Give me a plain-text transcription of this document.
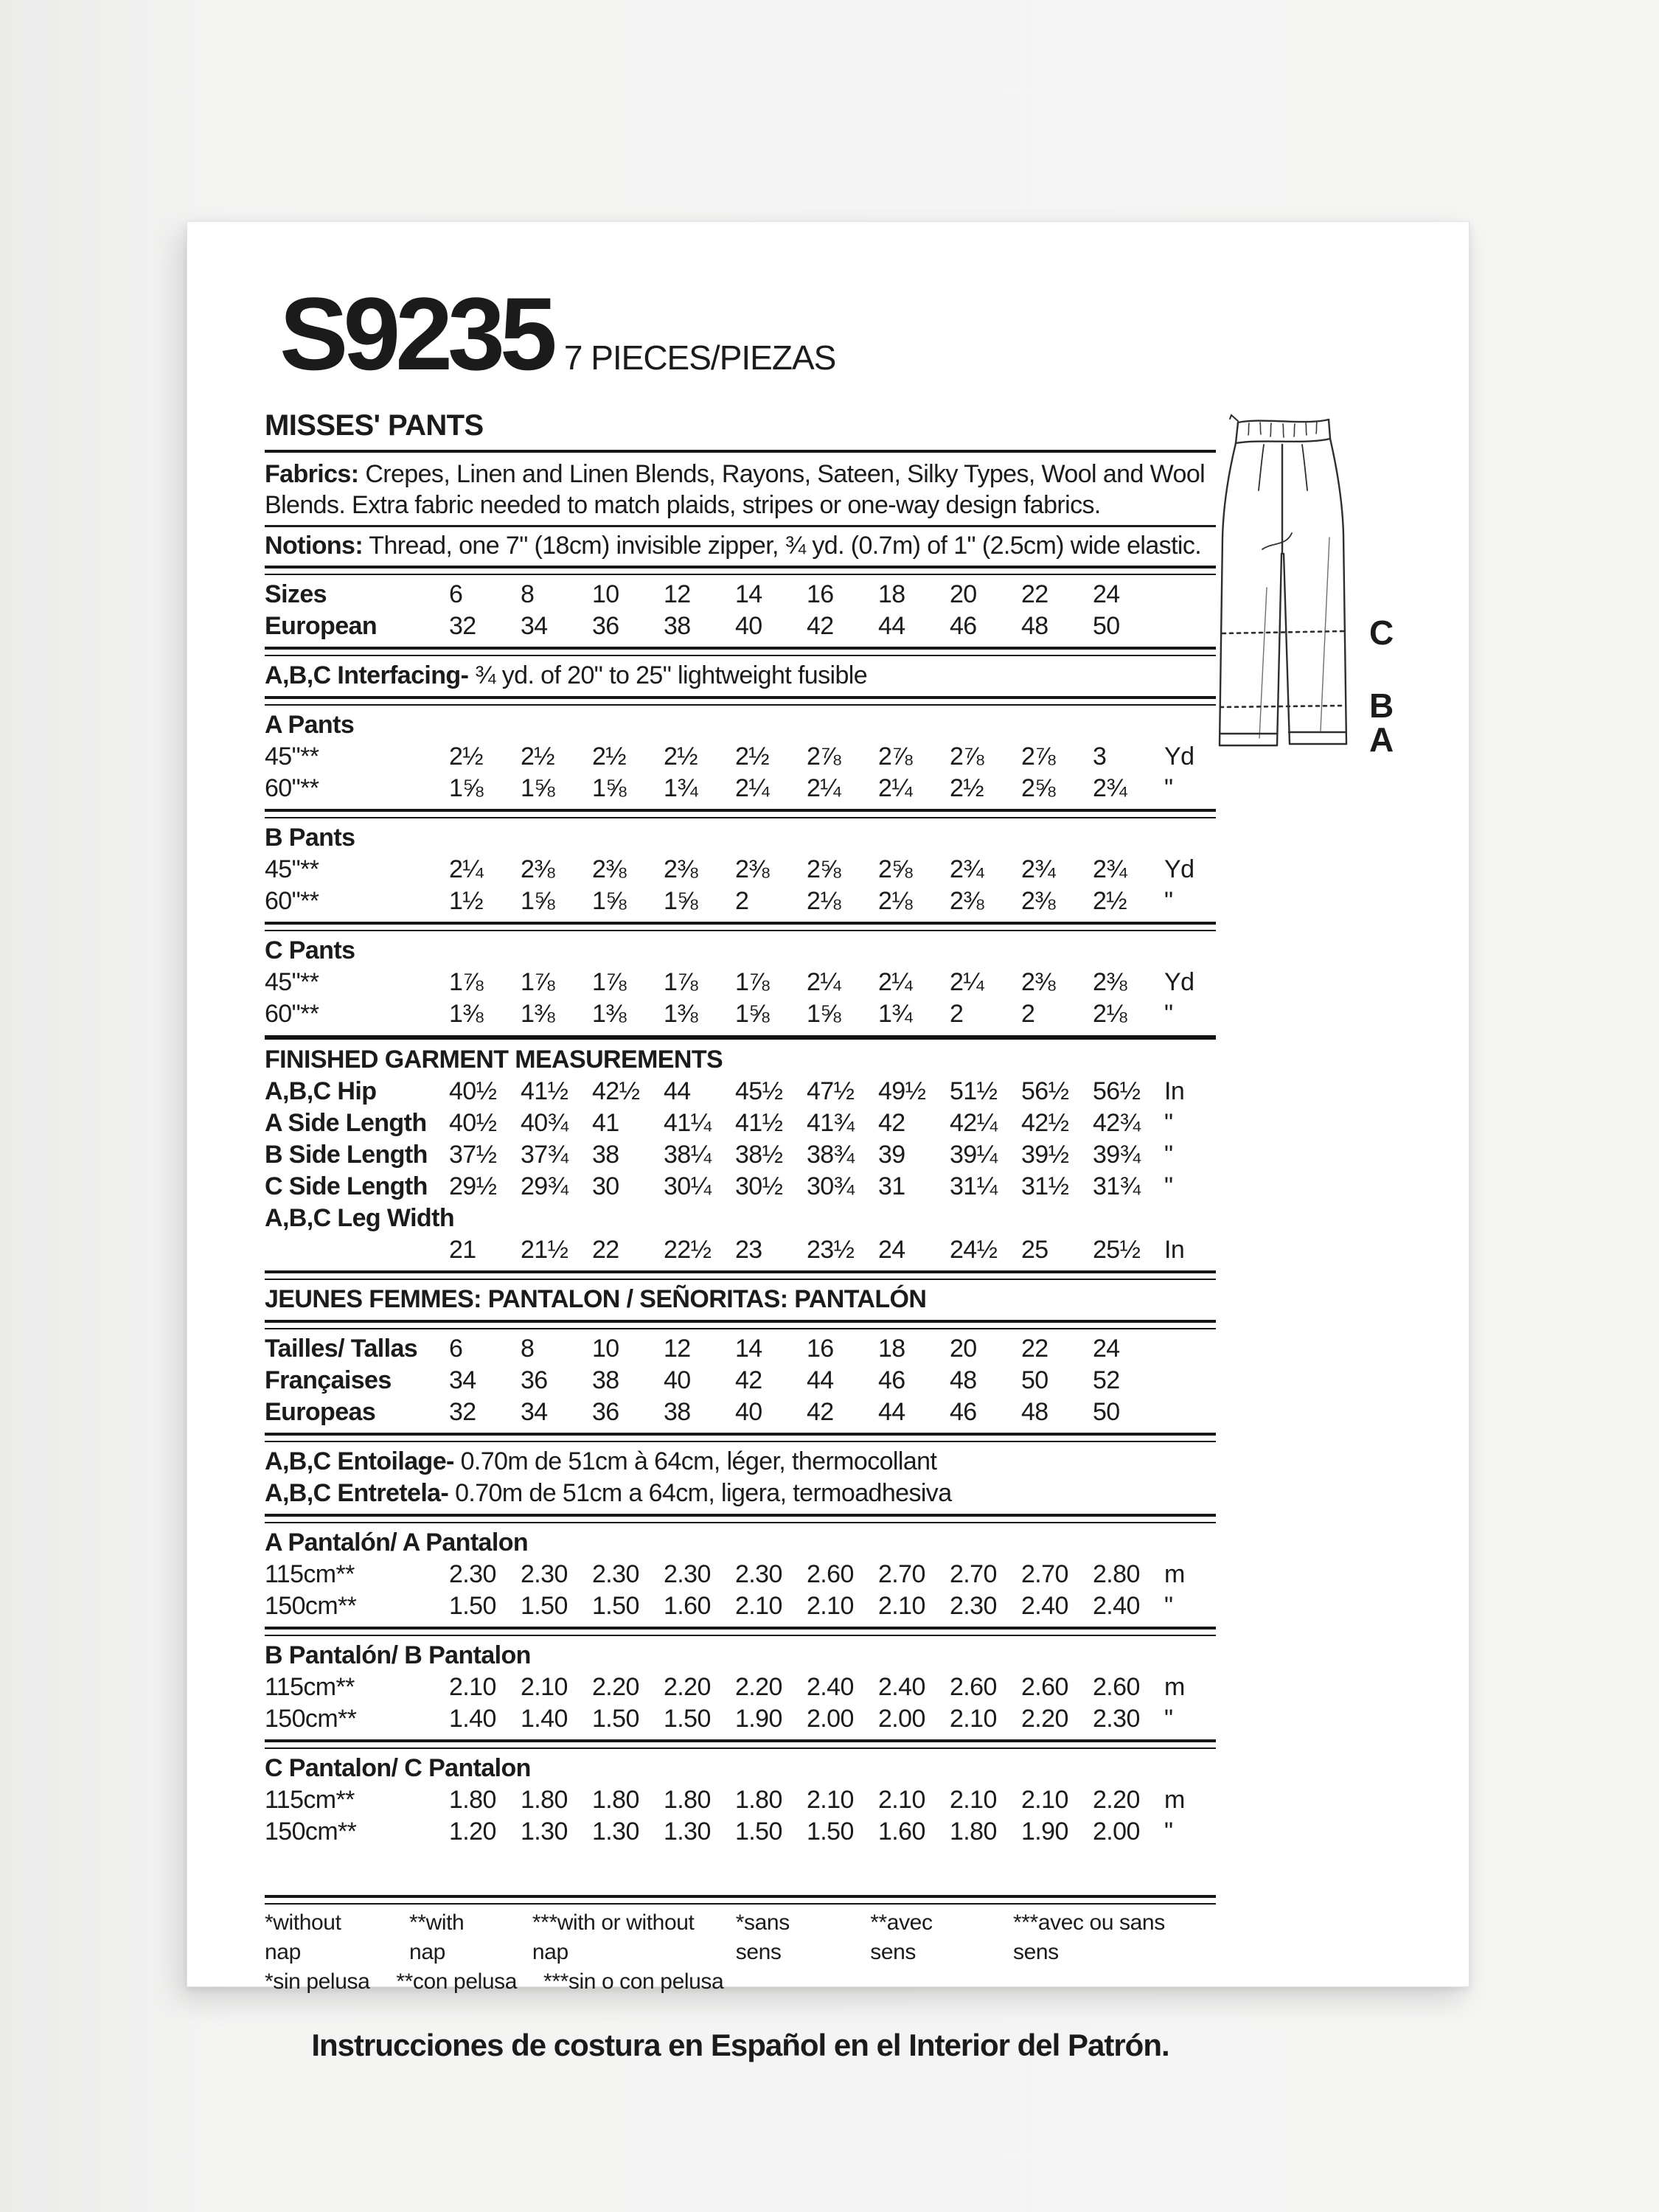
S9235 7 PIECES/PIEZAS
MISSES' PANTS

Fabrics: Crepes, Linen and Linen Blends, Rayons, Sateen, Silky Types, Wool and Wool Blends. Extra fabric needed to match plaids, stripes or one-way design fabrics.

Notions: Thread, one 7" (18cm) invisible zipper, ¾ yd. (0.7m) of 1" (2.5cm) wide elastic.

Sizes	6	8	10	12	14	16	18	20	22	24
European	32	34	36	38	40	42	44	46	48	50
A,B,C Interfacing- ¾ yd. of 20" to 25" lightweight fusible
A Pants
45"**	2½	2½	2½	2½	2½	2⅞	2⅞	2⅞	2⅞	3	Yd
60"**	1⅝	1⅝	1⅝	1¾	2¼	2¼	2¼	2½	2⅝	2¾	"
B Pants
45"**	2¼	2⅜	2⅜	2⅜	2⅜	2⅝	2⅝	2¾	2¾	2¾	Yd
60"**	1½	1⅝	1⅝	1⅝	2	2⅛	2⅛	2⅜	2⅜	2½	"
C Pants
45"**	1⅞	1⅞	1⅞	1⅞	1⅞	2¼	2¼	2¼	2⅜	2⅜	Yd
60"**	1⅜	1⅜	1⅜	1⅜	1⅝	1⅝	1¾	2	2	2⅛	"
FINISHED GARMENT MEASUREMENTS
A,B,C Hip	40½ 41½ 42½ 44	45½ 47½ 49½ 51½ 56½ 56½ In
A Side Length 40½ 40¾ 41	41¼ 41½ 41¾ 42	42¼ 42½ 42¾ "
B Side Length 37½ 37¾ 38	38¼ 38½ 38¾ 39	39¼ 39½ 39¾ "
C Side Length 29½ 29¾ 30	30¼ 30½ 30¾ 31	31¼ 31½ 31¾ "
A,B,C Leg Width
21	21½ 22	22½ 23	23½ 24	24½ 25	25½ In
JEUNES FEMMES: PANTALON / SEÑORITAS: PANTALÓN
Tailles/ Tallas	6	8	10	12	14	16	18	20	22	24
Françaises	34	36	38	40	42	44	46	48	50	52
Europeas	32	34	36	38	40	42	44	46	48	50
A,B,C Entoilage- 0.70m de 51cm à 64cm, léger, thermocollant
A,B,C Entretela- 0.70m de 51cm a 64cm, ligera, termoadhesiva
A Pantalón/ A Pantalon
115cm**	2.30 2.30 2.30 2.30 2.30 2.60 2.70 2.70 2.70 2.80 m
150cm**	1.50 1.50 1.50 1.60 2.10 2.10 2.10 2.30 2.40 2.40 "
B Pantalón/ B Pantalon
115cm**	2.10 2.10 2.20 2.20 2.20 2.40 2.40 2.60 2.60 2.60 m
150cm**	1.40 1.40 1.50 1.50 1.90 2.00 2.00 2.10 2.20 2.30 "
C Pantalon/ C Pantalon
115cm**	1.80 1.80 1.80 1.80 1.80 2.10 2.10 2.10 2.10 2.20 m
150cm**	1.20 1.30 1.30 1.30 1.50 1.50 1.60 1.80 1.90 2.00 "
*without nap
**with nap
***with or without nap
*sans sens
**avec sens
***avec ou sans sens
*sin pelusa **con pelusa ***sin o con pelusa
Instrucciones de costura en Español en el Interior del Patrón.
C
B
A
